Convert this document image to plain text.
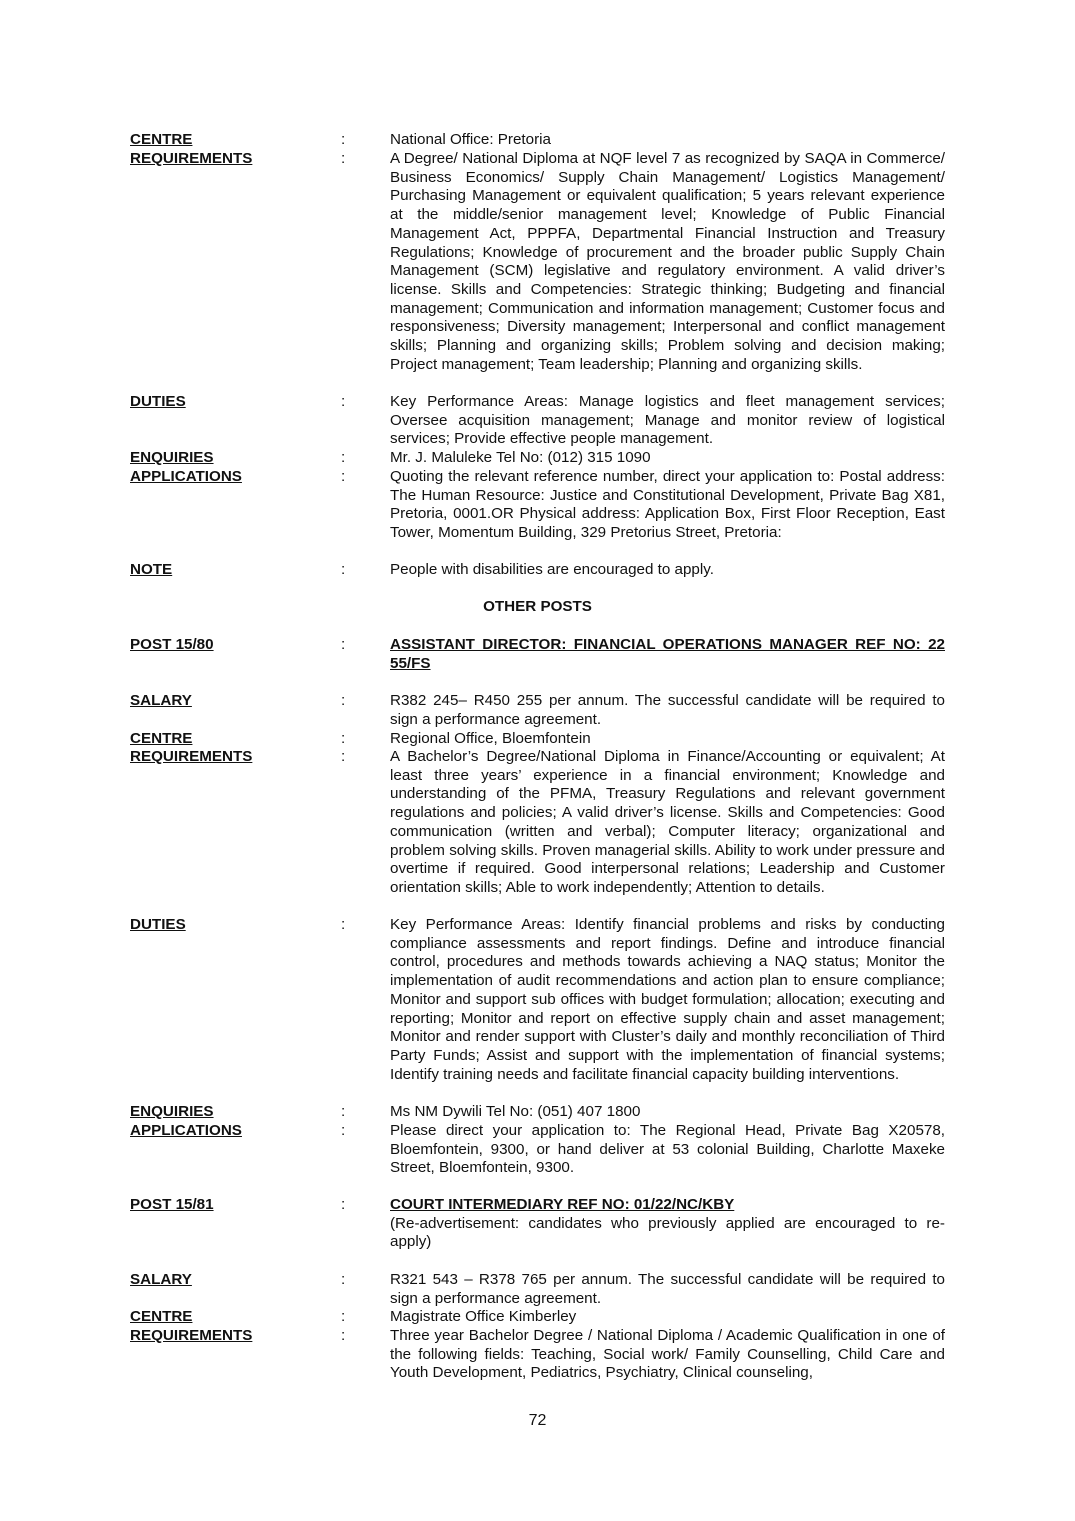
CENTRE	:	National Office: Pretoria
REQUIREMENTS	:	A Degree/ National Diploma at NQF level 7 as recognized by SAQA in Commerce/ Business Economics/ Supply Chain Management/ Logistics Management/ Purchasing Management or equivalent qualification; 5 years relevant experience at the middle/senior management level; Knowledge of Public Financial Management Act, PPPFA, Departmental Financial Instruction and Treasury Regulations; Knowledge of procurement and the broader public Supply Chain Management (SCM) legislative and regulatory environment. A valid driver’s license. Skills and Competencies: Strategic thinking; Budgeting and financial management; Communication and information management; Customer focus and responsiveness; Diversity management; Interpersonal and conflict management skills; Planning and organizing skills; Problem solving and decision making; Project management; Team leadership; Planning and organizing skills.
DUTIES	:	Key Performance Areas: Manage logistics and fleet management services; Oversee acquisition management; Manage and monitor review of logistical services; Provide effective people management.
ENQUIRIES	:	Mr. J. Maluleke Tel No: (012) 315 1090
APPLICATIONS	:	Quoting the relevant reference number, direct your application to: Postal address: The Human Resource: Justice and Constitutional Development, Private Bag X81, Pretoria, 0001.OR Physical address: Application Box, First Floor Reception, East Tower, Momentum Building, 329 Pretorius Street, Pretoria:
NOTE	:	People with disabilities are encouraged to apply.
OTHER POSTS
POST 15/80	:	ASSISTANT DIRECTOR: FINANCIAL OPERATIONS MANAGER REF NO: 22 55/FS
SALARY	:	R382 245– R450 255 per annum. The successful candidate will be required to sign a performance agreement.
CENTRE	:	Regional Office, Bloemfontein
REQUIREMENTS	:	A Bachelor’s Degree/National Diploma in Finance/Accounting or equivalent; At least three years’ experience in a financial environment; Knowledge and understanding of the PFMA, Treasury Regulations and relevant government regulations and policies; A valid driver’s license. Skills and Competencies: Good communication (written and verbal); Computer literacy; organizational and problem solving skills. Proven managerial skills. Ability to work under pressure and overtime if required. Good interpersonal relations; Leadership and Customer orientation skills; Able to work independently; Attention to details.
DUTIES	:	Key Performance Areas: Identify financial problems and risks by conducting compliance assessments and report findings. Define and introduce financial control, procedures and methods towards achieving a NAQ status; Monitor the implementation of audit recommendations and action plan to ensure compliance; Monitor and support sub offices with budget formulation; allocation; executing and reporting; Monitor and report on effective supply chain and asset management; Monitor and render support with Cluster’s daily and monthly reconciliation of Third Party Funds; Assist and support with the implementation of financial systems; Identify training needs and facilitate financial capacity building interventions.
ENQUIRIES	:	Ms NM Dywili Tel No: (051) 407 1800
APPLICATIONS	:	Please direct your application to: The Regional Head, Private Bag X20578, Bloemfontein, 9300, or hand deliver at 53 colonial Building, Charlotte Maxeke Street, Bloemfontein, 9300.
POST 15/81	:	COURT INTERMEDIARY REF NO: 01/22/NC/KBY
(Re-advertisement: candidates who previously applied are encouraged to re-apply)
SALARY	:	R321 543 – R378 765 per annum. The successful candidate will be required to sign a performance agreement.
CENTRE	:	Magistrate Office Kimberley
REQUIREMENTS	:	Three year Bachelor Degree / National Diploma / Academic Qualification in one of the following fields: Teaching, Social work/ Family Counselling, Child Care and Youth Development, Pediatrics, Psychiatry, Clinical counseling,
72
